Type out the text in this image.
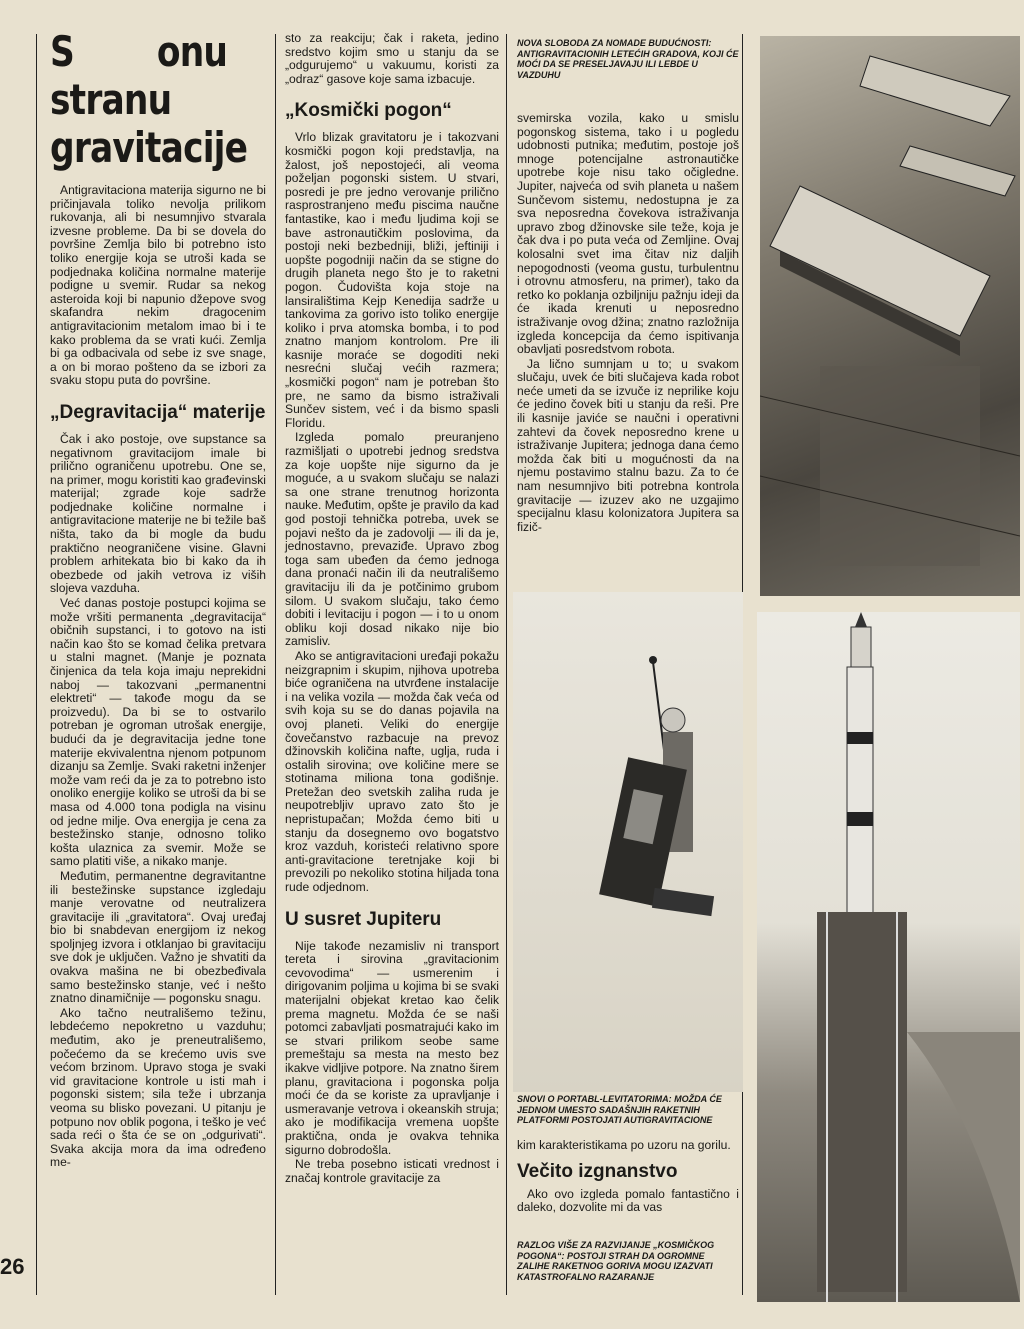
26
S onu stranu gravitacije

Antigravitaciona materija sigurno ne bi pričinjavala toliko nevolja prilikom rukovanja, ali bi nesumnjivo stvarala izvesne probleme. Da bi se dovela do površine Zemlja bilo bi potrebno isto toliko energije koja se utroši kada se podjednaka količina normalne materije podigne u svemir. Rudar sa nekog asteroida koji bi napunio džepove svog skafandra nekim dragocenim antigravitacionim metalom imao bi i te kako problema da se vrati kući. Zemlja bi ga odbacivala od sebe iz sve snage, a on bi morao pošteno da se izbori za svaku stopu puta do površine.

„Degravitacija“ materije

Čak i ako postoje, ove supstance sa negativnom gravitacijom imale bi prilično ograničenu upotrebu. One se, na primer, mogu koristiti kao građevinski materijal; zgrade koje sadrže podjednake količine normalne i antigravitacione materije ne bi težile baš ništa, tako da bi mogle da budu praktično neograničene visine. Glavni problem arhitekata bio bi kako da ih obezbede od jakih vetrova iz viših slojeva vazduha.

Već danas postoje postupci kojima se može vršiti permanenta „degravitacija“ običnih supstanci, i to gotovo na isti način kao što se komad čelika pretvara u stalni magnet. (Manje je poznata činjenica da tela koja imaju neprekidni naboj — takozvani „permanentni elektreti“ — takođe mogu da se proizvedu). Da bi se to ostvarilo potreban je ogroman utrošak energije, budući da je degravitacija jedne tone materije ekvivalentna njenom potpunom dizanju sa Zemlje. Svaki raketni inženjer može vam reći da je za to potrebno isto onoliko energije koliko se utroši da bi se masa od 4.000 tona podigla na visinu od jedne milje. Ova energija je cena za bestežinsko stanje, odnosno toliko košta ulaznica za svemir. Može se samo platiti više, a nikako manje.

Međutim, permanentne degravitantne ili bestežinske supstance izgledaju manje verovatne od neutralizera gravitacije ili „gravitatora“. Ovaj uređaj bio bi snabdevan energijom iz nekog spoljnjeg izvora i otklanjao bi gravitaciju sve dok je uključen. Važno je shvatiti da ovakva mašina ne bi obezbeđivala samo bestežinsko stanje, već i nešto znatno dinamičnije — pogonsku snagu.

Ako tačno neutrališemo težinu, lebdećemo nepokretno u vazduhu; međutim, ako je preneutrališemo, počećemo da se krećemo uvis sve većom brzinom. Upravo stoga je svaki vid gravitacione kontrole u isti mah i pogonski sistem; sila teže i ubrzanja veoma su blisko povezani. U pitanju je potpuno nov oblik pogona, i teško je već sada reći o šta će se on „odgurivati“. Svaka akcija mora da ima određeno me-

sto za reakciju; čak i raketa, jedino sredstvo kojim smo u stanju da se „odgurujemo“ u vakuumu, koristi za „odraz“ gasove koje sama izbacuje.

„Kosmički pogon“

Vrlo blizak gravitatoru je i takozvani kosmički pogon koji predstavlja, na žalost, još nepostojeći, ali veoma poželjan pogonski sistem. U stvari, posredi je pre jedno verovanje prilično rasprostranjeno među piscima naučne fantastike, kao i među ljudima koji se bave astronautičkim poslovima, da postoji neki bezbedniji, bliži, jeftiniji i uopšte pogodniji način da se stigne do drugih planeta nego što je to raketni pogon. Čudovišta koja stoje na lansiralištima Kejp Kenedija sadrže u tankovima za gorivo isto toliko energije koliko i prva atomska bomba, i to pod znatno manjom kontrolom. Pre ili kasnije moraće se dogoditi neki nesrećni slučaj većih razmera; „kosmički pogon“ nam je potreban što pre, ne samo da bismo istraživali Sunčev sistem, već i da bismo spasli Floridu.

Izgleda pomalo preuranjeno razmišljati o upotrebi jednog sredstva za koje uopšte nije sigurno da je moguće, a u svakom slučaju se nalazi sa one strane trenutnog horizonta nauke. Međutim, opšte je pravilo da kad god postoji tehnička potreba, uvek se pojavi nešto da je zadovolji — ili da je, jednostavno, prevaziđe. Upravo zbog toga sam ubeđen da ćemo jednoga dana pronaći način ili da neutrališemo gravitaciju ili da je potčinimo grubom silom. U svakom slučaju, tako ćemo dobiti i levitaciju i pogon — i to u onom obliku koji dosad nikako nije bio zamisliv.

Ako se antigravitacioni uređaji pokažu neizgrapnim i skupim, njihova upotreba biće ograničena na utvrđene instalacije i na velika vozila — možda čak veća od svih koja su se do danas pojavila na ovoj planeti. Veliki do energije čovečanstvo razbacuje na prevoz džinovskih količina nafte, uglja, ruda i ostalih sirovina; ove količine mere se stotinama miliona tona godišnje. Pretežan deo svetskih zaliha ruda je neupotrebljiv upravo zato što je nepristupačan; Možda ćemo biti u stanju da dosegnemo ovo bogatstvo kroz vazduh, koristeći relativno spore anti-gravitacione teretnjake koji bi prevozili po nekoliko stotina hiljada tona rude odjednom.

U susret Jupiteru

Nije takođe nezamisliv ni transport tereta i sirovina „gravitacionim cevovodima“ — usmerenim i dirigovanim poljima u kojima bi se svaki materijalni objekat kretao kao čelik prema magnetu. Možda će se naši potomci zabavljati posmatrajući kako im se stvari prilikom seobe same premeštaju sa mesta na mesto bez ikakve vidljive potpore. Na znatno širem planu, gravitaciona i pogonska polja moći će da se koriste za upravljanje i usmeravanje vetrova i okeanskih struja; ako je modifikacija vremena uopšte praktična, onda je ovakva tehnika sigurno dobrodošla.

Ne treba posebno isticati vrednost i značaj kontrole gravitacije za

NOVA SLOBODA ZA NOMADE BUDUĆNOSTI: ANTIGRAVITACIONIH LETEĆIH GRADOVA, KOJI ĆE MOĆI DA SE PRESELJAVAJU ILI LEBDE U VAZDUHU

svemirska vozila, kako u smislu pogonskog sistema, tako i u pogledu udobnosti putnika; međutim, postoje još mnoge potencijalne astronautičke upotrebe koje nisu tako očigledne. Jupiter, najveća od svih planeta u našem Sunčevom sistemu, nedostupna je za sva neposredna čovekova istraživanja upravo zbog džinovske sile teže, koja je čak dva i po puta veća od Zemljine. Ovaj kolosalni svet ima čitav niz daljih nepogodnosti (veoma gustu, turbulentnu i otrovnu atmosferu, na primer), tako da retko ko poklanja ozbiljniju pažnju ideji da će ikada krenuti u neposredno istraživanje ovog džina; znatno razložnija izgleda koncepcija da ćemo ispitivanja obavljati posredstvom robota.

Ja lično sumnjam u to; u svakom slučaju, uvek će biti slučajeva kada robot neće umeti da se izvuče iz neprilike koju će jedino čovek biti u stanju da reši. Pre ili kasnije javiće se naučni i operativni zahtevi da čovek neposredno krene u istraživanje Jupitera; jednoga dana ćemo možda čak biti u mogućnosti da na njemu postavimo stalnu bazu. Za to će nam nesumnjivo biti potrebna kontrola gravitacije — izuzev ako ne uzgajimo specijalnu klasu kolonizatora Jupitera sa fizič-

SNOVI O PORTABL-LEVITATORIMA: MOŽDA ĆE JEDNOM UMESTO SADAŠNJIH RAKETNIH PLATFORMI POSTOJATI AUTIGRAVITACIONE

kim karakteristikama po uzoru na gorilu.

Večito izgnanstvo

Ako ovo izgleda pomalo fantastično i daleko, dozvolite mi da vas

RAZLOG VIŠE ZA RAZVIJANJE „KOSMIČKOG POGONA“: POSTOJI STRAH DA OGROMNE ZALIHE RAKETNOG GORIVA MOGU IZAZVATI KATASTROFALNO RAZARANJE
